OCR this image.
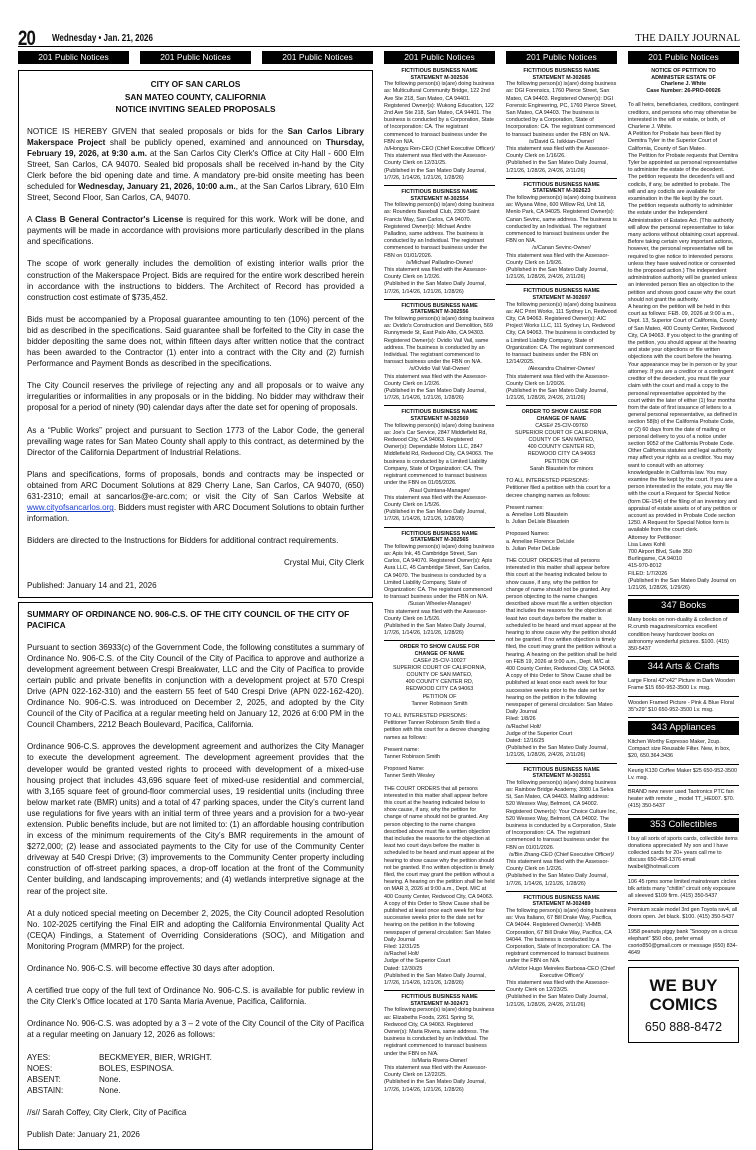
20 Wednesday • Jan. 21, 2026	THE DAILY JOURNAL
201 Public Notices	201 Public Notices	201 Public Notices	201 Public Notices	201 Public Notices	201 Public Notices
CITY OF SAN CARLOS
SAN MATEO COUNTY, CALIFORNIA
NOTICE INVITING SEALED PROPOSALS

NOTICE IS HEREBY GIVEN that sealed proposals or bids for the San Carlos Library Makerspace Project shall be publicly opened, examined and announced on Thursday, February 19, 2026, at 9:30 a.m. at the San Carlos City Clerk's Office at City Hall - 600 Elm Street, San Carlos, CA 94070. Sealed bid proposals shall be received in-hand by the City Clerk before the bid opening date and time. A mandatory pre-bid onsite meeting has been scheduled for Wednesday, January 21, 2026, 10:00 a.m., at the San Carlos Library, 610 Elm Street, Second Floor, San Carlos, CA, 94070.

A Class B General Contractor's License is required for this work. Work will be done, and payments will be made in accordance with provisions more particularly described in the plans and specifications.

The scope of work generally includes the demolition of existing interior walls prior the construction of the Makerspace Project. Bids are required for the entire work described herein in accordance with the instructions to bidders. The Architect of Record has provided a construction cost estimate of $735,452.

Bids must be accompanied by a Proposal guarantee amounting to ten (10%) percent of the bid as described in the specifications. Said guarantee shall be forfeited to the City in case the bidder depositing the same does not, within fifteen days after written notice that the contract has been awarded to the Contractor (1) enter into a contract with the City and (2) furnish Performance and Payment Bonds as described in the specifications.

The City Council reserves the privilege of rejecting any and all proposals or to waive any irregularities or informalities in any proposals or in the bidding. No bidder may withdraw their proposal for a period of ninety (90) calendar days after the date set for opening of proposals.

As a “Public Works” project and pursuant to Section 1773 of the Labor Code, the general prevailing wage rates for San Mateo County shall apply to this contract, as determined by the Director of the California Department of Industrial Relations.

Plans and specifications, forms of proposals, bonds and contracts may be inspected or obtained from ARC Document Solutions at 829 Cherry Lane, San Carlos, CA 94070, (650) 631-2310; email at sancarlos@e-arc.com; or visit the City of San Carlos Website at www.cityofsancarlos.org. Bidders must register with ARC Document Solutions to obtain further information.

Bidders are directed to the Instructions for Bidders for additional contract requirements.

Crystal Mui, City Clerk

Published: January 14 and 21, 2026

SUMMARY OF ORDINANCE NO. 906-C.S. OF THE CITY COUNCIL OF THE CITY OF PACIFICA

Pursuant to section 36933(c) of the Government Code, the following constitutes a summary of Ordinance No. 906-C.S. of the City Council of the City of Pacifica to approve and authorize a development agreement between Crespi Breakwater, LLC and the City of Pacifica to provide certain public and private benefits in conjunction with a development project at 570 Crespi Drive (APN 022-162-310) and the eastern 55 feet of 540 Crespi Drive (APN 022-162-420). Ordinance No. 906-C.S. was introduced on December 2, 2025, and adopted by the City Council of the City of Pacifica at a regular meeting held on January 12, 2026 at 6:00 PM in the Council Chambers, 2212 Beach Boulevard, Pacifica, California.

Ordinance 906-C.S. approves the development agreement and authorizes the City Manager to execute the development agreement. The development agreement provides that the developer would be granted vested rights to proceed with development of a mixed-use housing project that includes 43,696 square feet of mixed-use residential and commercial, with 3,165 square feet of ground-floor commercial uses, 19 residential units (including three below market rate (BMR) units) and a total of 47 parking spaces, under the City’s current land use regulations for five years with an initial term of three years and a provision for a two-year extension. Public benefits include, but are not limited to: (1) an affordable housing contribution in excess of the minimum requirements of the City’s BMR requirements in the amount of $272,000; (2) lease and associated payments to the City for use of the Community Center driveway at 540 Crespi Drive; (3) improvements to the Community Center property including construction of off-street parking spaces, a drop-off location at the front of the Community Center building, and landscaping improvements; and (4) wetlands interpretive signage at the rear of the project site.

At a duly noticed special meeting on December 2, 2025, the City Council adopted Resolution No. 102-2025 certifying the Final EIR and adopting the California Environmental Quality Act (CEQA) Findings, a Statement of Overriding Considerations (SOC), and Mitigation and Monitoring Program (MMRP) for the project.

Ordinance No. 906-C.S. will become effective 30 days after adoption.

A certified true copy of the full text of Ordinance No. 906-C.S. is available for public review in the City Clerk’s Office located at 170 Santa Maria Avenue, Pacifica, California.

Ordinance No. 906-C.S. was adopted by a 3 – 2 vote of the City Council of the City of Pacifica at a regular meeting on January 12, 2026 as follows:

AYES:	BECKMEYER, BIER, WRIGHT.
NOES:	BOLES, ESPINOSA.
ABSENT:	None.
ABSTAIN:	None.

//s// Sarah Coffey, City Clerk, City of Pacifica

Publish Date: January 21, 2026

FICTITIOUS BUSINESS NAME
STATEMENT M-302536

The following person(s) is(are) doing business as: Multicultural Community Bridge, 122 2nd Ave Ste 218, San Mateo, CA 94401. Registered Owner(s): Wukong Education, 122 2nd Ave Ste 218, San Mateo, CA 94401. The business is conducted by a Corporation, State of Incorporation: CA. The registrant commenced to transact business under the FBN on N/A.

/s/Hongyu Ren-CEO (Chief Executive Officer)/

This statement was filed with the Assessor-County Clerk on 12/31/25.

(Published in the San Mateo Daily Journal, 1/7/26, 1/14/26, 1/21/26, 1/28/26)

FICTITIOUS BUSINESS NAME
STATEMENT M-302554

The following person(s) is(are) doing business as: Rounders Baseball Club, 2300 Saint Francis Way, San Carlos, CA 94070. Registered Owner(s): Michael Andre Palladino, same address. The business is conducted by an Individual. The registrant commenced to transact business under the FBN on 01/01/2026.

/s/Michael Palladino-Owner/

This statement was filed with the Assessor-County Clerk on 1/2/26.

(Published in the San Mateo Daily Journal, 1/7/26, 1/14/26, 1/21/26, 1/28/26)

FICTITIOUS BUSINESS NAME
STATEMENT M-302556

The following person(s) is(are) doing business as: Ovidio's Construction and Demolition, 569 Runnymede St, East Palo Alto, CA 94303. Registered Owner(s): Ovidio Vail Vail, same address. The business is conducted by an Individual. The registrant commenced to transact business under the FBN on N/A.

/s/Ovidio Vail Vail-Owner/

This statement was filed with the Assessor-County Clerk on 1/2/26.

(Published in the San Mateo Daily Journal, 1/7/26, 1/14/26, 1/21/26, 1/28/26)

FICTITIOUS BUSINESS NAME
STATEMENT M-302569

The following person(s) is(are) doing business as: Joe's Car Service, 2847 Middlefield Rd, Redwood City, CA 94063. Registered Owner(s): Dependable Motors LLC, 2847 Middlefield Rd, Redwood City, CA 94063. The business is conducted by a Limited Liability Company, State of Organization: CA. The registrant commenced to transact business under the FBN on 01/05/2026.

/Raul Quintana-Manager/

This statement was filed with the Assessor-County Clerk on 1/5/26.

(Published in the San Mateo Daily Journal, 1/7/26, 1/14/26, 1/21/26, 1/28/26)

FICTITIOUS BUSINESS NAME
STATEMENT M-302565

The following person(s) is(are) doing business as: Apis Ink, 45 Cambridge Street, San Carlos, CA 94070. Registered Owner(s): Apis Aura LLC, 45 Cambridge Street, San Carlos, CA 94070. The business is conducted by a Limited Liability Company, State of Organization: CA. The registrant commenced to transact business under the FBN on N/A.

/Susan Wheeler-Manager/

This statement was filed with the Assessor-County Clerk on 1/5/26.

(Published in the San Mateo Daily Journal, 1/7/26, 1/14/26, 1/21/26, 1/28/26)

ORDER TO SHOW CAUSE FOR
CHANGE OF NAME

CASE# 25-CIV-10027

SUPERIOR COURT OF CALIFORNIA, COUNTY OF SAN MATEO,

400 COUNTY CENTER RD,

REDWOOD CITY CA 94063

PETITION OF

Tanner Robinson Smith

TO ALL INTERESTED PERSONS:

Petitioner Tanner Robinson Smith filed a petition with this court for a decree changing names as follows:

Present name:

Tanner Robinson Smith

Proposed Name:

Tanner Smith Wesley

THE COURT ORDERS that all persons interested in this matter shall appear before this court at the hearing indicated below to show cause, if any, why the petition for change of name should not be granted. Any person objecting to the name changes described above must file a written objection that includes the reasons for the objection at least two court days before the matter is scheduled to be heard and must appear at the hearing to show cause why the petition should not be granted. If no written objection is timely filed, the court may grant the petition without a hearing. A hearing on the petition shall be held on MAR 3, 2026 at 9:00 a.m., Dept. M/C at 400 County Center, Redwood City, CA 94063. A copy of this Order to Show Cause shall be published at least once each week for four successive weeks prior to the date set for hearing on the petition in the following newspaper of general circulation: San Mateo Daily Journal

Filed: 12/31/25

/s/Rachel Holt/

Judge of the Superior Court

Dated: 12/30/25

(Published in the San Mateo Daily Journal, 1/7/26, 1/14/26, 1/21/26, 1/28/26)

FICTITIOUS BUSINESS NAME
STATEMENT M-302471

The following person(s) is(are) doing business as: Elizabeths Foods, 2261 Spring St, Redwood City, CA 94063. Registered Owner(s): Maria Rivera, same address. The business is conducted by an Individual. The registrant commenced to transact business under the FBN on N/A.

/s/Maria Rivera-Owner/

This statement was filed with the Assessor-County Clerk on 12/22/25.

(Published in the San Mateo Daily Journal, 1/7/26, 1/14/26, 1/21/26, 1/28/26)

FICTITIOUS BUSINESS NAME
STATEMENT M-302685

The following person(s) is(are) doing business as: DGI Forensics, 1760 Pierce Street, San Mateo, CA 94403. Registered Owner(s): DGI Forensic Engineering, PC, 1760 Pierce Street, San Mateo, CA 94403. The business is conducted by a Corporation, State of Incorporation: CA. The registrant commenced to transact business under the FBN on N/A.

/s/David G. Isikkian-Owner/

This statement was filed with the Assessor-County Clerk on 1/16/26.

(Published in the San Mateo Daily Journal, 1/21/26, 1/28/26, 2/4/26, 2/11/26)

FICTITIOUS BUSINESS NAME
STATEMENT M-302623

The following person(s) is(are) doing business as: Wiyana Wine, 600 Willow Rd, Unit 18, Menlo Park, CA 94025. Registered Owner(s): Canan Sevinc, same address. The business is conducted by an Individual. The registrant commenced to transact business under the FBN on N/A.

/s/Canan Sevinc-Owner/

This statement was filed with the Assessor-County Clerk on 1/9/26.

(Published in the San Mateo Daily Journal, 1/21/26, 1/28/26, 2/4/26, 2/11/26)

FICTITIOUS BUSINESS NAME
STATEMENT M-302697

The following person(s) is(are) doing business as: AIC Print Works, 111 Sydney Ln, Redwood City, CA 94063. Registered Owner(s): AIC Project Works LLC, 111 Sydney Ln, Redwood City, CA 94063. The business is conducted by a Limited Liability Company, State of Organization: CA. The registrant commenced to transact business under the FBN on 12/14/2025.

/Alexandra Chalmer-Owner/

This statement was filed with the Assessor-County Clerk on 1/20/26.

(Published in the San Mateo Daily Journal, 1/21/26, 1/28/26, 2/4/26, 2/11/26)

ORDER TO SHOW CAUSE FOR
CHANGE OF NAME

CASE# 25-CIV-09760

SUPERIOR COURT OF CALIFORNIA, COUNTY OF SAN MATEO,

400 COUNTY CENTER RD,

REDWOOD CITY CA 94063

PETITION OF

Sarah Blaustein for minors

TO ALL INTERESTED PERSONS:

Petitioner filed a petition with this court for a decree changing names as follows:

Present names:

a. Annelise Lotti Blaustein

b. Julian DeLisle Blaustein

Proposed Names:

a. Annelise Florence DeLisle

b. Julian Peter DeLisle

THE COURT ORDERS that all persons interested in this matter shall appear before this court at the hearing indicated below to show cause, if any, why the petition for change of name should not be granted. Any person objecting to the name changes described above must file a written objection that includes the reasons for the objection at least two court days before the matter is scheduled to be heard and must appear at the hearing to show cause why the petition should not be granted. If no written objection is timely filed, the court may grant the petition without a hearing. A hearing on the petition shall be held on FEB 19, 2026 at 9:00 a.m., Dept. M/C at 400 County Center, Redwood City, CA 94063. A copy of this Order to Show Cause shall be published at least once each week for four successive weeks prior to the date set for hearing on the petition in the following newspaper of general circulation: San Mateo Daily Journal

Filed: 1/8/26

/s/Rachel Holt/

Judge of the Superior Court

Dated: 12/16/25

(Published in the San Mateo Daily Journal, 1/21/26, 1/28/26, 2/4/26, 2/11/26)

FICTITIOUS BUSINESS NAME
STATEMENT M-302551

The following person(s) is(are) doing business as: Rainbow Bridge Academy, 3080 La Selva St, San Mateo, CA 94403. Mailing address: 520 Wessex Way, Belmont, CA 94002. Registered Owner(s): Your Choice Culture Inc, 520 Wessex Way, Belmont, CA 94002. The business is conducted by a Corporation, State of Incorporation: CA. The registrant commenced to transact business under the FBN on 01/01/2026.

/s/Bin Zhang-CEO (Chief Executive Officer)/

This statement was filed with the Assessor-County Clerk on 1/2/26.

(Published in the San Mateo Daily Journal, 1/7/26, 1/14/26, 1/21/26, 1/28/26)

FICTITIOUS BUSINESS NAME
STATEMENT M-302489

The following person(s) is(are) doing business as: Viva Italiano, 67 Bill Drake Way, Pacifica, CA 94044. Registered Owner(s): VHMB Corporation, 67 Bill Drake Way, Pacifica, CA 94044. The business is conducted by a Corporation, State of Incorporation: CA. The registrant commenced to transact business under the FBN on N/A.

/s/Victor Hugo Meireles Barbosa-CEO (Chief Executive Officer)/

This statement was filed with the Assessor-County Clerk on 12/23/25.

(Published in the San Mateo Daily Journal, 1/21/26, 1/28/26, 2/4/26, 2/11/26)

NOTICE OF PETITION TO
ADMINISTER ESTATE OF
Charlene J. White
Case Number: 26-PRO-00026

To all heirs, beneficiaries, creditors, contingent creditors, and persons who may otherwise be interested in the will or estate, or both, of Charlene J. White.

A Petition for Probate has been filed by Demitra Tyler in the Superior Court of California, County of San Mateo.

The Petition for Probate requests that Demitra Tyler be appointed as personal representative to administer the estate of the decedent.

The petition requests the decedent's will and codicils, if any, be admitted to probate. The will and any codicils are available for examination in the file kept by the court.

The petition requests authority to administer the estate under the Independent Administration of Estates Act. (This authority will allow the personal representative to take many actions without obtaining court approval. Before taking certain very important actions, however, the personal representative will be required to give notice to interested persons unless they have waived notice or consented to the proposed action.) The independent administration authority will be granted unless an interested person files an objection to the petition and shows good cause why the court should not grant the authority.

A hearing on the petition will be held in this court as follows: FEB. 09, 2026 at 9:00 a.m., Dept. 13, Superior Court of California, County of San Mateo, 400 County Center, Redwood City, CA 94063. If you object to the granting of the petition, you should appear at the hearing and state your objections or file written objections with the court before the hearing. Your appearance may be in person or by your attorney. If you are a creditor or a contingent creditor of the decedent, you must file your claim with the court and mail a copy to the personal representative appointed by the court within the later of either (1) four months from the date of first issuance of letters to a general personal representative, as defined in section 58(b) of the California Probate Code, or (2) 60 days from the date of mailing or personal delivery to you of a notice under section 9052 of the California Probate Code. Other California statutes and legal authority may affect your rights as a creditor. You may want to consult with an attorney knowledgeable in California law. You may examine the file kept by the court. If you are a person interested in the estate, you may file with the court a Request for Special Notice (form DE-154) of the filing of an inventory and appraisal of estate assets or of any petition or account as provided in Probate Code section 1250. A Request for Special Notice form is available from the court clerk.

Attorney for Petitioner:

Lisa Laws Kohli

700 Airport Blvd, Suite 350

Burlingame, CA 94010

415-970-8012

FILED: 1/7/2026

(Published in the San Mateo Daily Journal on 1/21/26, 1/28/26, 1/29/26)

347 Books

Many books on non-duality & collection of R.crumb magazines/comics excellent condition heavy hardcover books on astronomy wonderful pictures. $100. (415) 350-5437

344 Arts & Crafts

Large Floral 42"x42" Picture in Dark Wooden Frame $15 650-952-3500 Lv. msg.

Wooden Framed Picture - Pink & Blue Floral 35"x29" $10 650-952-3500 Lv. msg.

343 Appliances

Kitchen Worthy Expresso Maker, 2cup. Compact size Reusable Filter. New, in box, $20, 650.364.3436

Keurig K130 Coffee Maker $25 650-952-3500 Lv. msg.

BRAND new never used Taotronics PTC fan heater with remote _ model TT_HE007. $70. (415) 350-5437

353 Collectibles

I buy all sorts of sports cards, collectible items donations appreciated! My son and I have collected cards for 20+ years call me to discuss 650-458-1376 email twaibel@hotmail.com

106 45 rpms some limited mainstream circles blk artists many "chitlin" circuit only exposure all sleeved $109 firm. (415) 350-5437

Premium scale model 3rd gen Toyota rav4, all doors open. Jet black. $100. (415) 350-5437

1958 peanuts piggy bank "Snoopy on a circus elephant" $50 obo, prefer email csorio850@gmail.com or message (650) 834-4649

WE BUY
COMICS
650 888-8472
